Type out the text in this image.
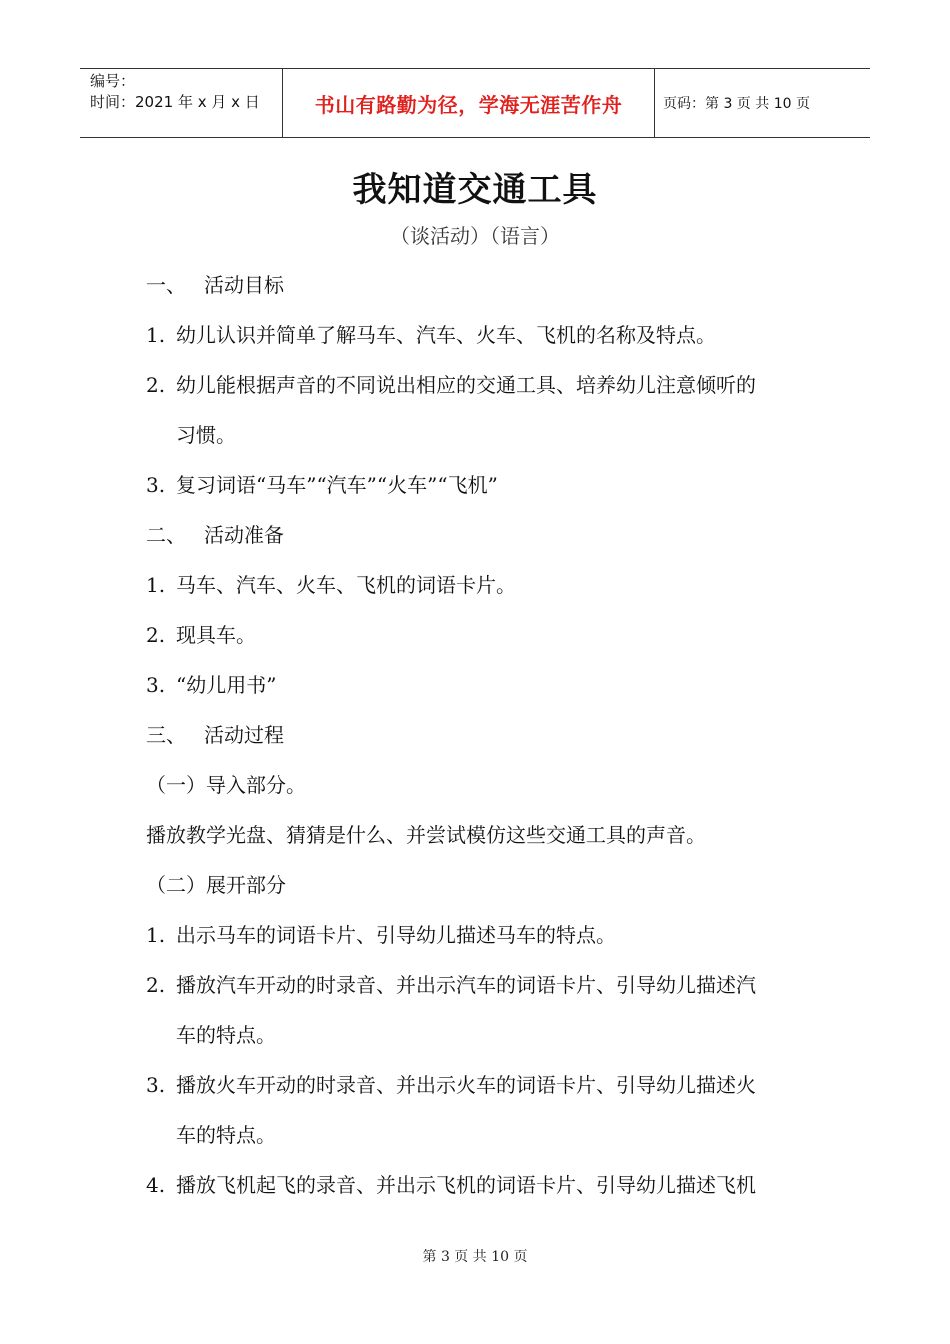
编号：
时间：2021 年 x 月 x 日	书山有路勤为径，学海无涯苦作舟	页码：第 3 页 共 10 页
我知道交通工具
（谈活动）（语言）
一、 活动目标
1. 幼儿认识并简单了解马车、汽车、火车、飞机的名称及特点。
2. 幼儿能根据声音的不同说出相应的交通工具、培养幼儿注意倾听的
习惯。
3. 复习词语“马车”“汽车”“火车”“飞机”
二、 活动准备
1. 马车、汽车、火车、飞机的词语卡片。
2. 现具车。
3. “幼儿用书”
三、 活动过程
（一）导入部分。
播放教学光盘、猜猜是什么、并尝试模仿这些交通工具的声音。
（二）展开部分
1. 出示马车的词语卡片、引导幼儿描述马车的特点。
2. 播放汽车开动的时录音、并出示汽车的词语卡片、引导幼儿描述汽
车的特点。
3. 播放火车开动的时录音、并出示火车的词语卡片、引导幼儿描述火
车的特点。
4. 播放飞机起飞的录音、并出示飞机的词语卡片、引导幼儿描述飞机
第 3 页 共 10 页
